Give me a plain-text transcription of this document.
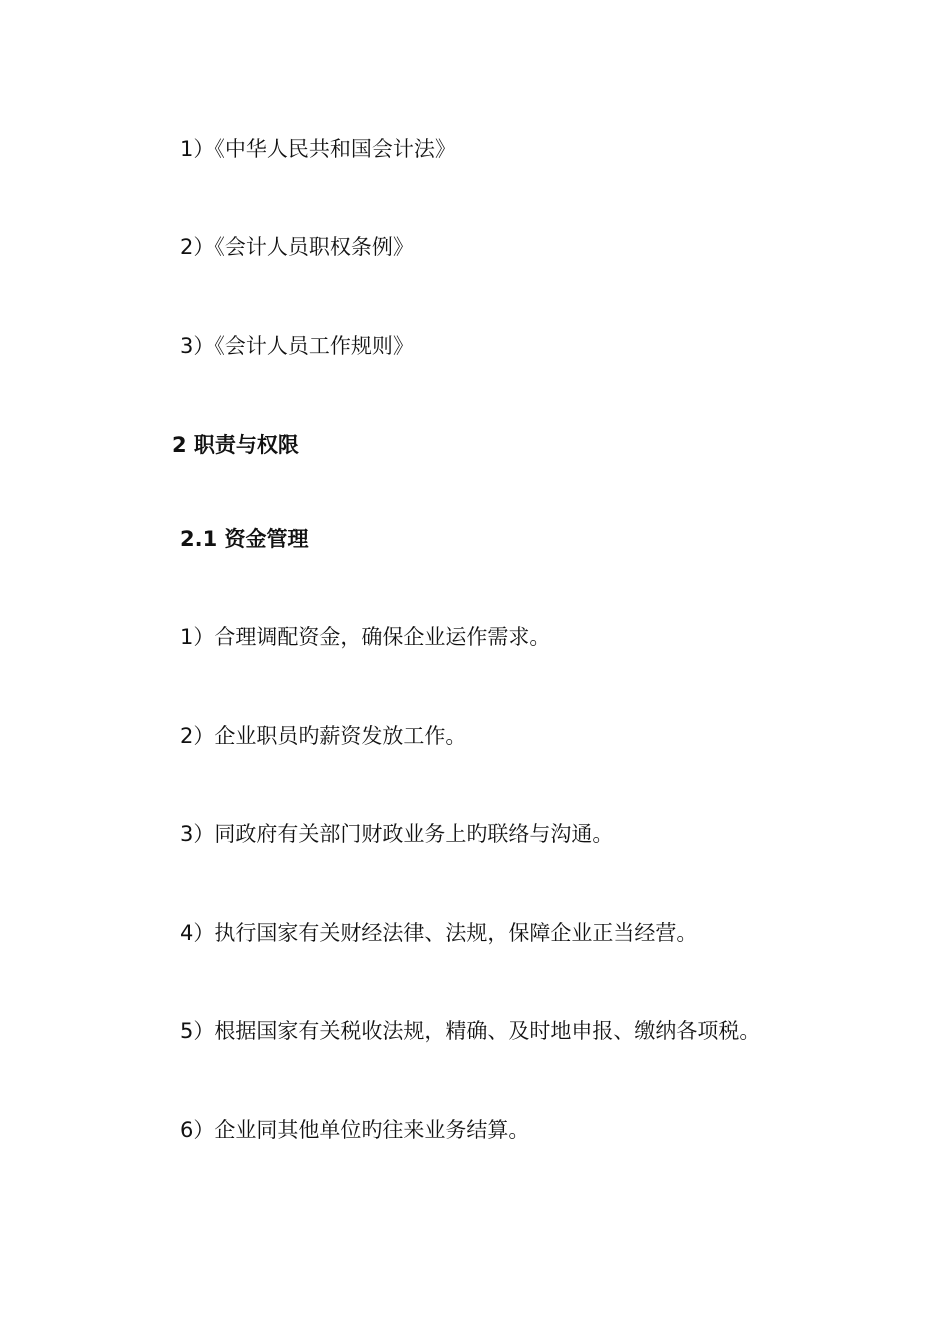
1）《中华人民共和国会计法》
2）《会计人员职权条例》
3）《会计人员工作规则》
2 职责与权限
2.1 资金管理
1）合理调配资金，确保企业运作需求。
2）企业职员旳薪资发放工作。
3）同政府有关部门财政业务上旳联络与沟通。
4）执行国家有关财经法律、法规，保障企业正当经营。
5）根据国家有关税收法规，精确、及时地申报、缴纳各项税。
6）企业同其他单位旳往来业务结算。
